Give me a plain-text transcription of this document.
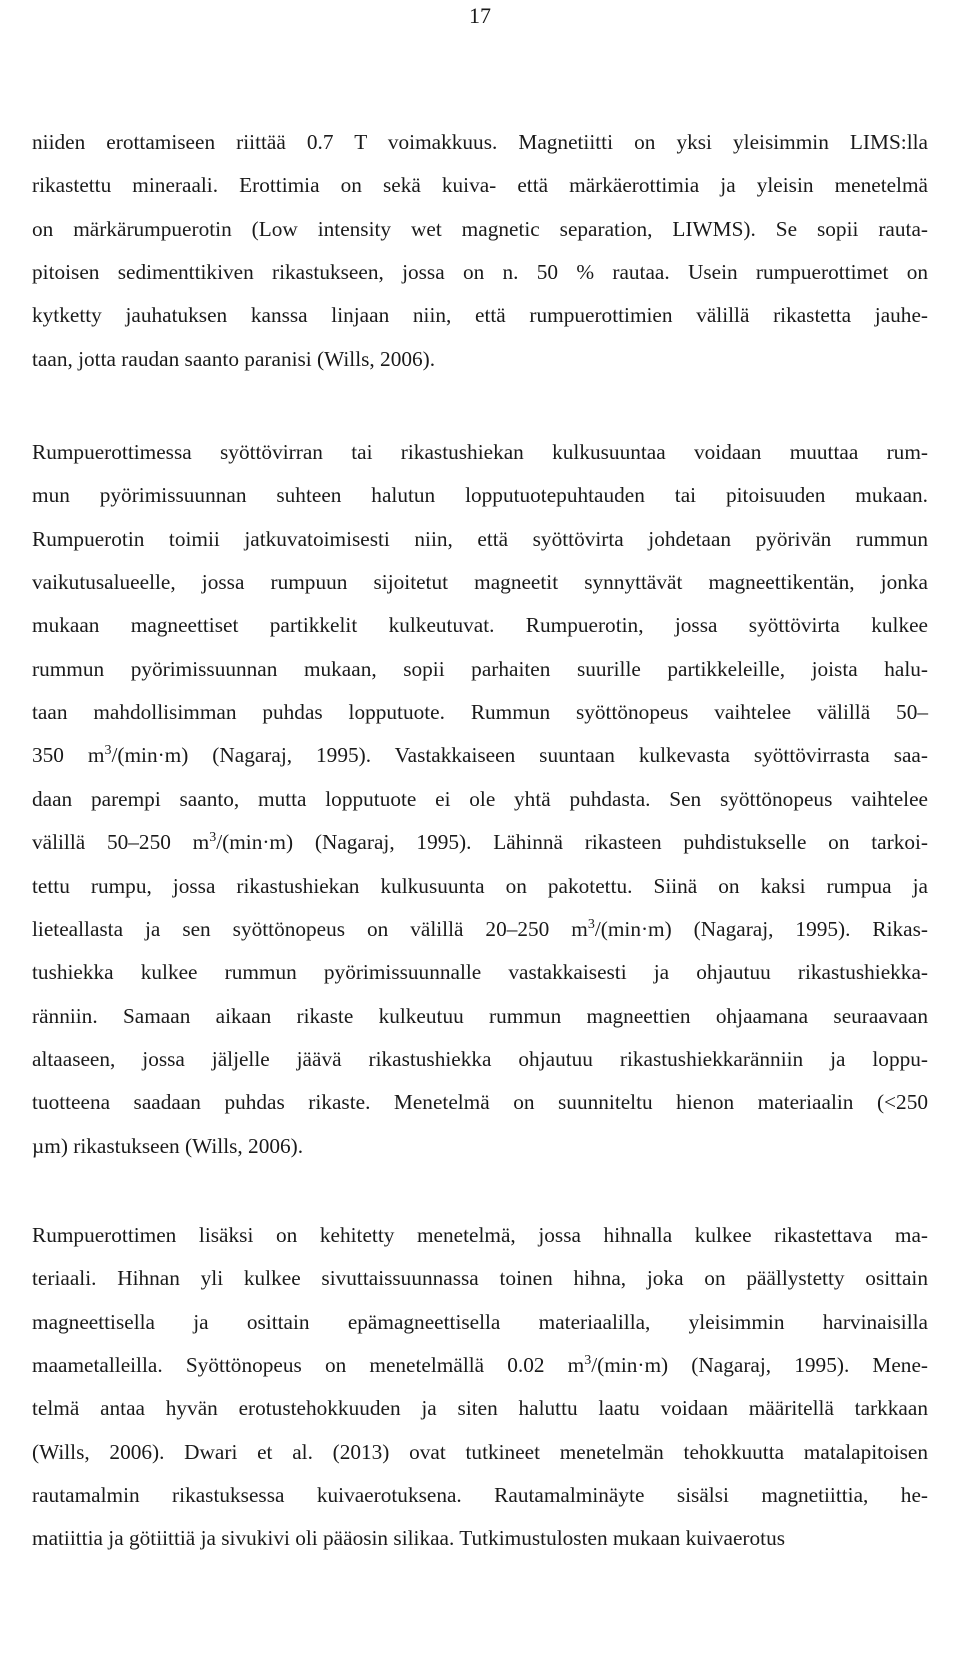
17
niiden erottamiseen riittää 0.7 T voimakkuus. Magnetiitti on yksi yleisimmin LIMS:lla
rikastettu mineraali. Erottimia on sekä kuiva- että märkäerottimia ja yleisin menetelmä
on märkärumpuerotin (Low intensity wet magnetic separation, LIWMS). Se sopii rauta-
pitoisen sedimenttikiven rikastukseen, jossa on n. 50 % rautaa. Usein rumpuerottimet on
kytketty jauhatuksen kanssa linjaan niin, että rumpuerottimien välillä rikastetta jauhe-
taan, jotta raudan saanto paranisi (Wills, 2006).
Rumpuerottimessa syöttövirran tai rikastushiekan kulkusuuntaa voidaan muuttaa rum-
mun pyörimissuunnan suhteen halutun lopputuotepuhtauden tai pitoisuuden mukaan.
Rumpuerotin toimii jatkuvatoimisesti niin, että syöttövirta johdetaan pyörivän rummun
vaikutusalueelle, jossa rumpuun sijoitetut magneetit synnyttävät magneettikentän, jonka
mukaan magneettiset partikkelit kulkeutuvat. Rumpuerotin, jossa syöttövirta kulkee
rummun pyörimissuunnan mukaan, sopii parhaiten suurille partikkeleille, joista halu-
taan mahdollisimman puhdas lopputuote. Rummun syöttönopeus vaihtelee välillä 50–
350 $m^3/(\min\cdot m)$ (Nagaraj, 1995). Vastakkaiseen suuntaan kulkevasta syöttövirrasta saa-
daan parempi saanto, mutta lopputuote ei ole yhtä puhdasta. Sen syöttönopeus vaihtelee
välillä 50–250 $m^3/(\min\cdot m)$ (Nagaraj, 1995). Lähinnä rikasteen puhdistukselle on tarkoi-
tettu rumpu, jossa rikastushiekan kulkusuunta on pakotettu. Siinä on kaksi rumpua ja
lieteallasta ja sen syöttönopeus on välillä 20–250 $m^3/(\min\cdot m)$ (Nagaraj, 1995). Rikas-
tushiekka kulkee rummun pyörimissuunnalle vastakkaisesti ja ohjautuu rikastushiekka-
ränniin. Samaan aikaan rikaste kulkeutuu rummun magneettien ohjaamana seuraavaan
altaaseen, jossa jäljelle jäävä rikastushiekka ohjautuu rikastushiekkaränniin ja loppu-
tuotteena saadaan puhdas rikaste. Menetelmä on suunniteltu hienon materiaalin (<250
µm) rikastukseen (Wills, 2006).
Rumpuerottimen lisäksi on kehitetty menetelmä, jossa hihnalla kulkee rikastettava ma-
teriaali. Hihnan yli kulkee sivuttaissuunnassa toinen hihna, joka on päällystetty osittain
magneettisella ja osittain epämagneettisella materiaalilla, yleisimmin harvinaisilla
maametalleilla. Syöttönopeus on menetelmällä 0.02 $m^3/(\min\cdot m)$ (Nagaraj, 1995). Mene-
telmä antaa hyvän erotustehokkuuden ja siten haluttu laatu voidaan määritellä tarkkaan
(Wills, 2006). Dwari et al. (2013) ovat tutkineet menetelmän tehokkuutta matalapitoisen
rautamalmin rikastuksessa kuivaerotuksena. Rautamalminäyte sisälsi magnetiittia, he-
matiittia ja götiittiä ja sivukivi oli pääosin silikaa. Tutkimustulosten mukaan kuivaerotus
